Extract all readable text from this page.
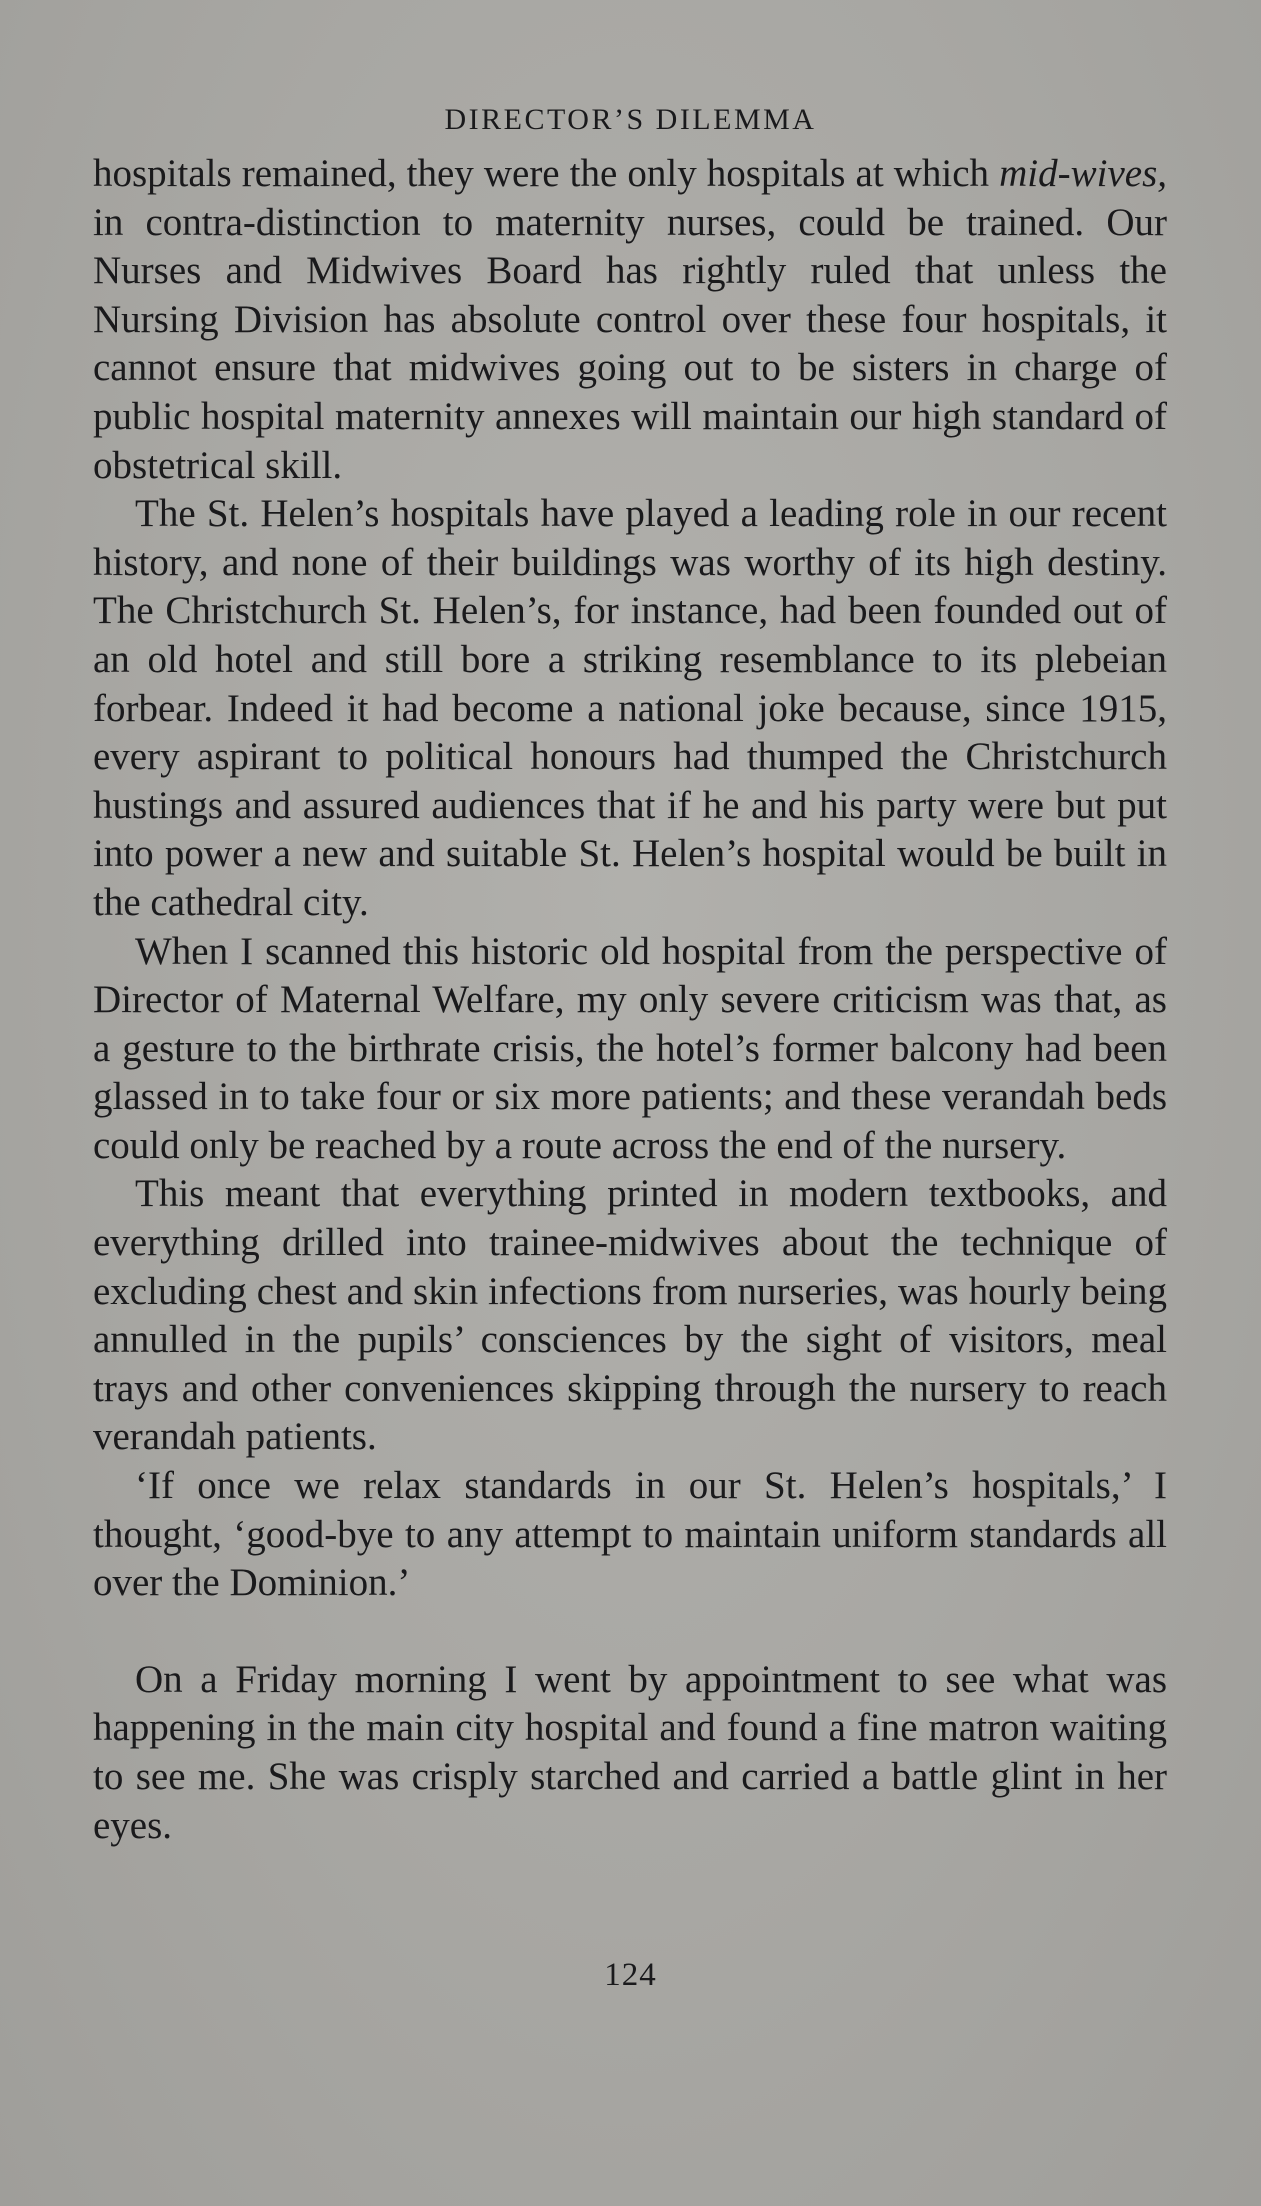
DIRECTOR’S DILEMMA

hospitals remained, they were the only hospitals at which mid-wives, in contra-distinction to maternity nurses, could be trained. Our Nurses and Midwives Board has rightly ruled that unless the Nursing Division has absolute control over these four hospitals, it cannot ensure that midwives going out to be sisters in charge of public hospital maternity annexes will maintain our high standard of obstetrical skill.

The St. Helen’s hospitals have played a leading role in our recent history, and none of their buildings was worthy of its high destiny. The Christchurch St. Helen’s, for instance, had been founded out of an old hotel and still bore a striking resemblance to its plebeian forbear. Indeed it had become a national joke because, since 1915, every aspirant to political honours had thumped the Christchurch hustings and assured audiences that if he and his party were but put into power a new and suitable St. Helen’s hospital would be built in the cathedral city.

When I scanned this historic old hospital from the perspective of Director of Maternal Welfare, my only severe criticism was that, as a gesture to the birthrate crisis, the hotel’s former balcony had been glassed in to take four or six more patients; and these verandah beds could only be reached by a route across the end of the nursery.

This meant that everything printed in modern textbooks, and everything drilled into trainee-midwives about the technique of excluding chest and skin infections from nurseries, was hourly being annulled in the pupils’ consciences by the sight of visitors, meal trays and other conveniences skipping through the nursery to reach verandah patients.

‘If once we relax standards in our St. Helen’s hospitals,’ I thought, ‘good-bye to any attempt to maintain uniform standards all over the Dominion.’

On a Friday morning I went by appointment to see what was happening in the main city hospital and found a fine matron waiting to see me. She was crisply starched and carried a battle glint in her eyes.

124
